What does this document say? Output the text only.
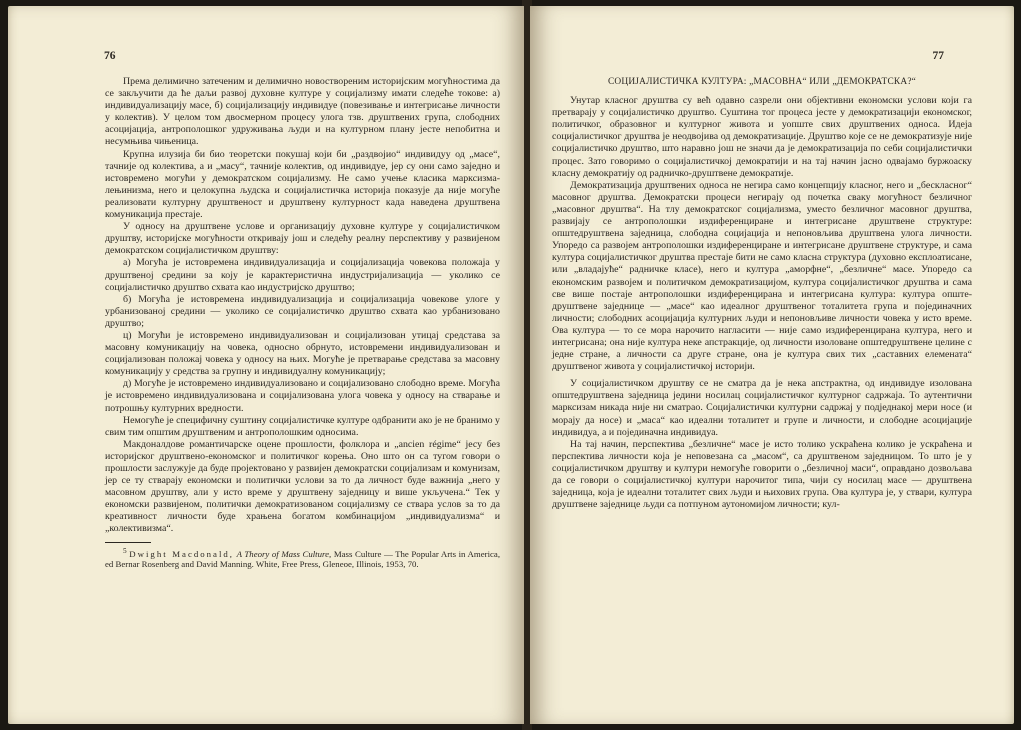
76

Према делимично затеченим и делимично новоствореним историјским могућностима да се закључити да ће даљи развој духовне културе у социјализму имати следеће токове: а) индивидуализацију масе, б) социјализацију индивидуе (повезивање и интегрисање личности у колектив). У целом том двосмерном процесу улога тзв. друштвених група, слободних асоцијација, антрополошког удруживања људи и на културном плану јесте непобитна и несумњива чињеница.

Крупна илузија би био теоретски покушај који би „раздвојио“ индивидуу од „масе“, тачније од колектива, а и „масу“, тачније колектив, од индивидуе, јер су они само заједно и истовремено могући у демократском социјализму. Не само учење класика марксизма-лењинизма, него и целокупна људска и социјалистичка историја показује да није могуће реализовати културну друштвеност и друштвену културност када наведена друштвена комуникација престаје.

У односу на друштвене услове и организацију духовне културе у социјалистичком друштву, историјске могућности откривају још и следећу реалну перспективу у развијеном демократском социјалистичком друштву:

а) Могућа је истовремена индивидуализација и социјализација човекова положаја у друштвеној средини за коју је карактеристична индустријализација — уколико се социјалистичко друштво схвата као индустријско друштво;

б) Могућа је истовремена индивидуализација и социјализација човекове улоге у урбанизованој средини — уколико се социјалистичко друштво схвата као урбанизовано друштво;

ц) Могући је истовремено индивидуализован и социјализован утицај средстава за масовну комуникацију на човека, односно обрнуто, истовремени индивидуализован и социјализован положај човека у односу на њих. Могуће је претварање средстава за масовну комуникацију у средства за групну и индивидуалну комуникацију;

д) Могуће је истовремено индивидуализовано и социјализовано слободно време. Могућа је истовремено индивидуализована и социјализована улога човека у односу на стварање и потрошњу културних вредности.

Немогуће је специфичну суштину социјалистичке културе одбранити ако је не бранимо у свим тим општим друштвеним и антрополошким односима.

Макдоналдове романтичарске оцене прошлости, фолклора и „ancien régime“ јесу без историјског друштвено-економског и политичког корења. Оно што он са тугом говори о прошлости заслужује да буде пројектовано у развијен демократски социјализам и комунизам, јер се ту стварају економски и политички услови за то да личност буде важнија „него у масовном друштву, али у исто време у друштвену заједницу и више укључена.“ Тек у економски развијеном, политички демократизованом социјализму се ствара услов за то да креативност личности буде храњена богатом комбинацијом „индивидуализма“ и „колективизма“.

$^5$ Dwight Macdonald, A Theory of Mass Culture, Mass Culture — The Popular Arts in America, ed Bernar Rosenberg and David Manning. White, Free Press, Gleneoe, Illinois, 1953, 70.

77

СОЦИЈАЛИСТИЧКА КУЛТУРА: „МАСОВНА“ ИЛИ „ДЕМОКРАТСКА?“

Унутар класног друштва су већ одавно сазрели они објективни економски услови који га претварају у социјалистичко друштво. Суштина тог процеса јесте у демократизацији економског, политичког, образовног и културног живота и уопште свих друштвених односа. Идеја социјалистичког друштва је неодвојива од демократизације. Друштво које се не демократизује није социјалистичко друштво, што наравно још не значи да је демократизација по себи социјалистички процес. Зато говоримо о социјалистичкој демократији и на тај начин јасно одвајамо буржоаску класну демократију од радничко-друштвене демократије.

Демократизација друштвених односа не негира само концепцију класног, него и „бескласног“ масовног друштва. Демократски процеси негирају од почетка сваку могућност безличног „масовног друштва“. На тлу демократског социјализма, уместо безличног масовног друштва, развијају се антрополошки издиференциране и интегрисане друштвене структуре: општедруштвена заједница, слободна социјација и непоновљива друштвена улога личности. Упоредо са развојем антрополошки издиференциране и интегрисане друштвене структуре, и сама култура социјалистичког друштва престаје бити не само класна структура (духовно експлоатисане, или „владајуће“ радничке класе), него и култура „аморфне“, „безличне“ масе. Упоредо са економским развојем и политичком демократизацијом, култура социјалистичког друштва и сама све више постаје антрополошки издиференцирана и интегрисана култура: култура опште-друштвене заједнице — „масе“ као идеалног друштвеног тоталитета група и појединачних личности; слободних асоцијација културних људи и непоновљиве личности човека у исто време. Ова култура — то се мора нарочито нагласити — није само издиференцирана култура, него и интегрисана; она није култура неке апстракције, од личности изоловане општедруштвене целине с једне стране, а личности са друге стране, она је култура свих тих „саставних елемената“ друштвеног живота у социјалистичкој историји.

У социјалистичком друштву се не сматра да је нека апстрактна, од индивидуе изолована општедруштвена заједница једини носилац социјалистичког културног садржаја. То аутентични марксизам никада није ни сматрао. Социјалистички културни садржај у подједнакој мери носе (и морају да носе) и „маса“ као идеални тоталитет и групе и личности, и слободне асоцијације индивидуа, а и појединачна индивидуа.

На тај начин, перспектива „безличне“ масе је исто толико ускраћена колико је ускраћена и перспектива личности која је неповезана са „масом“, са друштвеном заједницом. То што је у социјалистичком друштву и култури немогуће говорити о „безличној маси“, оправдано дозвољава да се говори о социјалистичкој култури нарочитог типа, чији су носилац масе — друштвена заједница, која је идеални тоталитет свих људи и њихових група. Ова култура је, у ствари, култура друштвене заједнице људи са потпуном аутономијом личности; кул-
